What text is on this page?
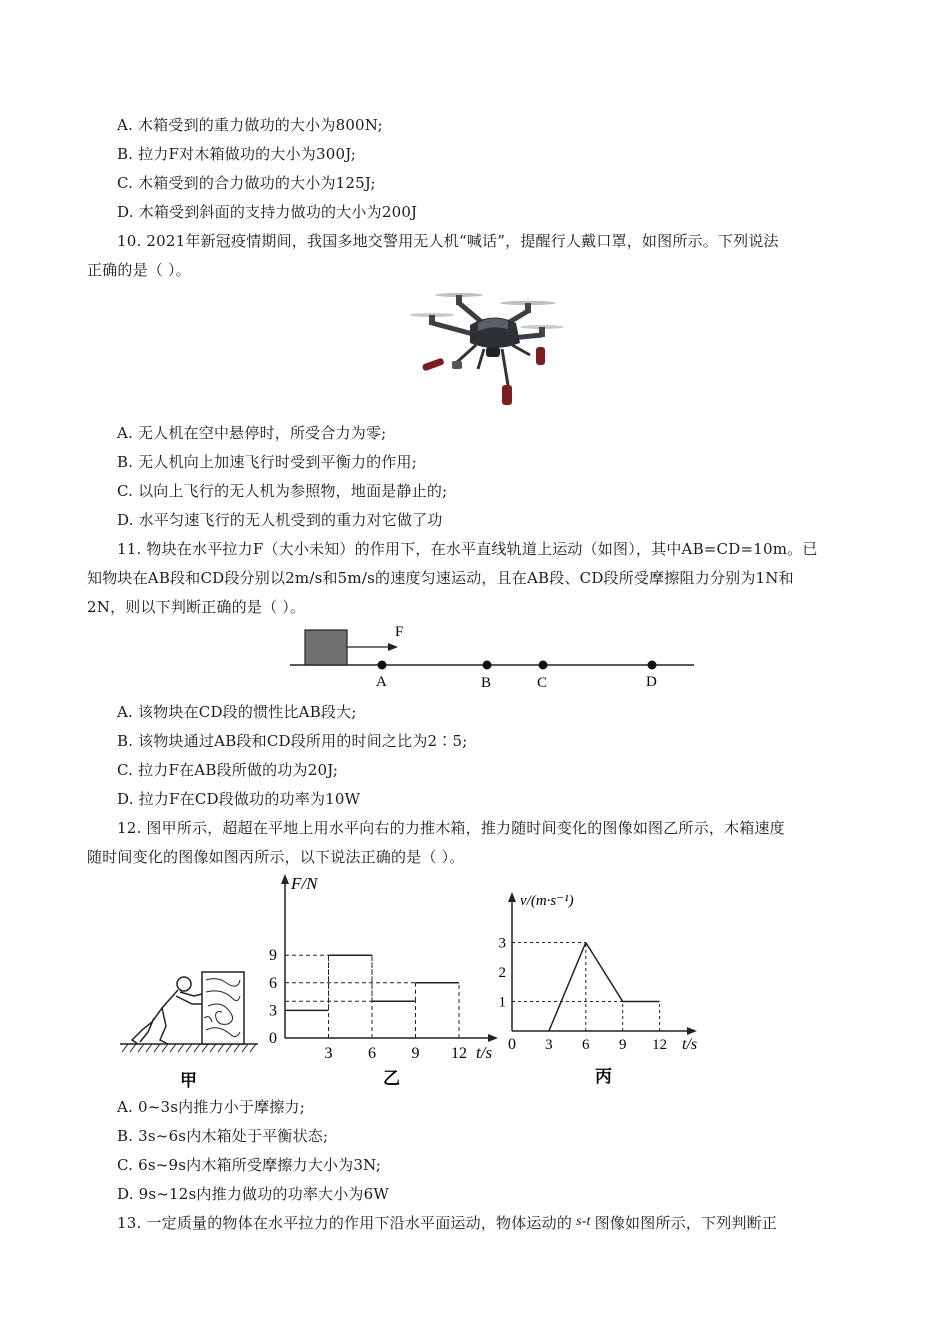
A. 木箱受到的重力做功的大小为800N;
B. 拉力F对木箱做功的大小为300J;
C. 木箱受到的合力做功的大小为125J;
D. 木箱受到斜面的支持力做功的大小为200J
10. 2021年新冠疫情期间，我国多地交警用无人机“喊话”，提醒行人戴口罩，如图所示。下列说法
正确的是（ ）。
A. 无人机在空中悬停时，所受合力为零;
B. 无人机向上加速飞行时受到平衡力的作用;
C. 以向上飞行的无人机为参照物，地面是静止的;
D. 水平匀速飞行的无人机受到的重力对它做了功
11. 物块在水平拉力F（大小未知）的作用下，在水平直线轨道上运动（如图），其中AB=CD=10m。已
知物块在AB段和CD段分别以2m/s和5m/s的速度匀速运动，且在AB段、CD段所受摩擦阻力分别为1N和
2N，则以下判断正确的是（ ）。
F
A	B	C	D
A. 该物块在CD段的惯性比AB段大;
B. 该物块通过AB段和CD段所用的时间之比为2∶5;
C. 拉力F在AB段所做的功为20J;
D. 拉力F在CD段做功的功率为10W
12. 图甲所示，超超在平地上用水平向右的力推木箱，推力随时间变化的图像如图乙所示，木箱速度
随时间变化的图像如图丙所示，以下说法正确的是（ ）。
甲
F/N
t/s
3 6 9 12
0
3
6
9
乙
v/(m·s⁻¹)
t/s
0 3 6 9 12
1
2
3
丙
A. 0~3s内推力小于摩擦力;
B. 3s~6s内木箱处于平衡状态;
C. 6s~9s内木箱所受摩擦力大小为3N;
D. 9s~12s内推力做功的功率大小为6W
13. 一定质量的物体在水平拉力的作用下沿水平面运动，物体运动的 s-t 图像如图所示，下列判断正
